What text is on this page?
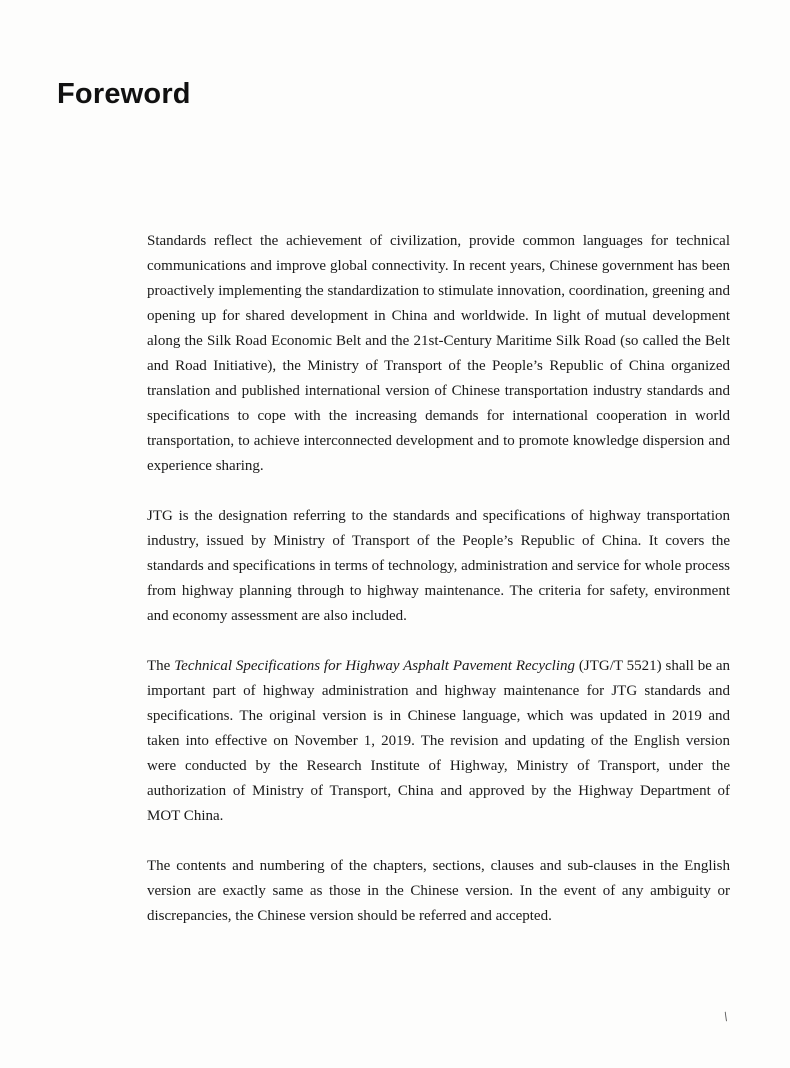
Foreword

Standards reflect the achievement of civilization, provide common languages for technical communications and improve global connectivity. In recent years, Chinese government has been proactively implementing the standardization to stimulate innovation, coordination, greening and opening up for shared development in China and worldwide. In light of mutual development along the Silk Road Economic Belt and the 21st-Century Maritime Silk Road (so called the Belt and Road Initiative), the Ministry of Transport of the People’s Republic of China organized translation and published international version of Chinese transportation industry standards and specifications to cope with the increasing demands for international cooperation in world transportation, to achieve interconnected development and to promote knowledge dispersion and experience sharing.

JTG is the designation referring to the standards and specifications of highway transportation industry, issued by Ministry of Transport of the People’s Republic of China. It covers the standards and specifications in terms of technology, administration and service for whole process from highway planning through to highway maintenance. The criteria for safety, environment and economy assessment are also included.

The Technical Specifications for Highway Asphalt Pavement Recycling (JTG/T 5521) shall be an important part of highway administration and highway maintenance for JTG standards and specifications. The original version is in Chinese language, which was updated in 2019 and taken into effective on November 1, 2019. The revision and updating of the English version were conducted by the Research Institute of Highway, Ministry of Transport, under the authorization of Ministry of Transport, China and approved by the Highway Department of MOT China.

The contents and numbering of the chapters, sections, clauses and sub-clauses in the English version are exactly same as those in the Chinese version. In the event of any ambiguity or discrepancies, the Chinese version should be referred and accepted.

/
